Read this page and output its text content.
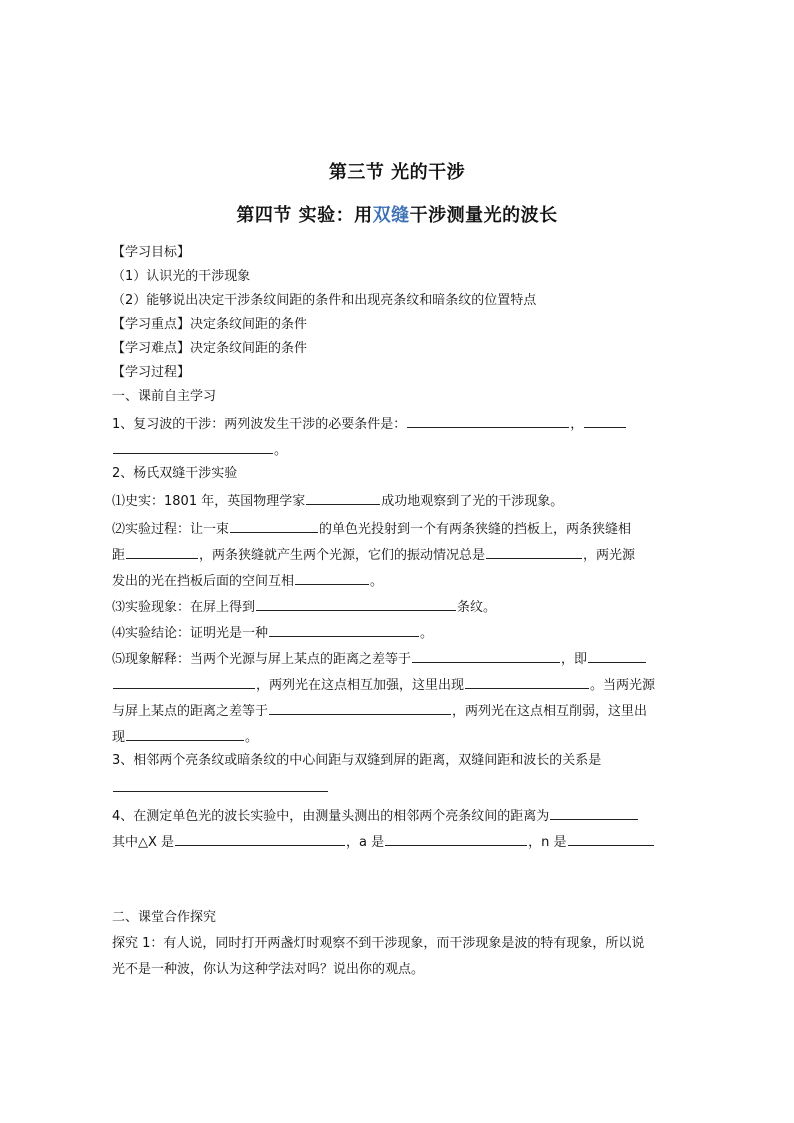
第三节 光的干涉
第四节 实验：用双缝干涉测量光的波长
【学习目标】
（1）认识光的干涉现象
（2）能够说出决定干涉条纹间距的条件和出现亮条纹和暗条纹的位置特点
【学习重点】决定条纹间距的条件
【学习难点】决定条纹间距的条件
【学习过程】
一、课前自主学习
1、复习波的干涉：两列波发生干涉的必要条件是：	，
。
2、杨氏双缝干涉实验
⑴史实：1801 年，英国物理学家	成功地观察到了光的干涉现象。
⑵实验过程：让一束	的单色光投射到一个有两条狭缝的挡板上，两条狭缝相
距	，两条狭缝就产生两个光源，它们的振动情况总是	，两光源
发出的光在挡板后面的空间互相	。
⑶实验现象：在屏上得到	条纹。
⑷实验结论：证明光是一种	。
⑸现象解释：当两个光源与屏上某点的距离之差等于	，即
，两列光在这点相互加强，这里出现	。当两光源
与屏上某点的距离之差等于	，两列光在这点相互削弱，这里出
现	。
3、相邻两个亮条纹或暗条纹的中心间距与双缝到屏的距离，双缝间距和波长的关系是
4、在测定单色光的波长实验中，由测量头测出的相邻两个亮条纹间的距离为
其中△X 是	，a 是	，n 是
二、课堂合作探究
探究 1：有人说，同时打开两盏灯时观察不到干涉现象，而干涉现象是波的特有现象，所以说
光不是一种波，你认为这种学法对吗？说出你的观点。
